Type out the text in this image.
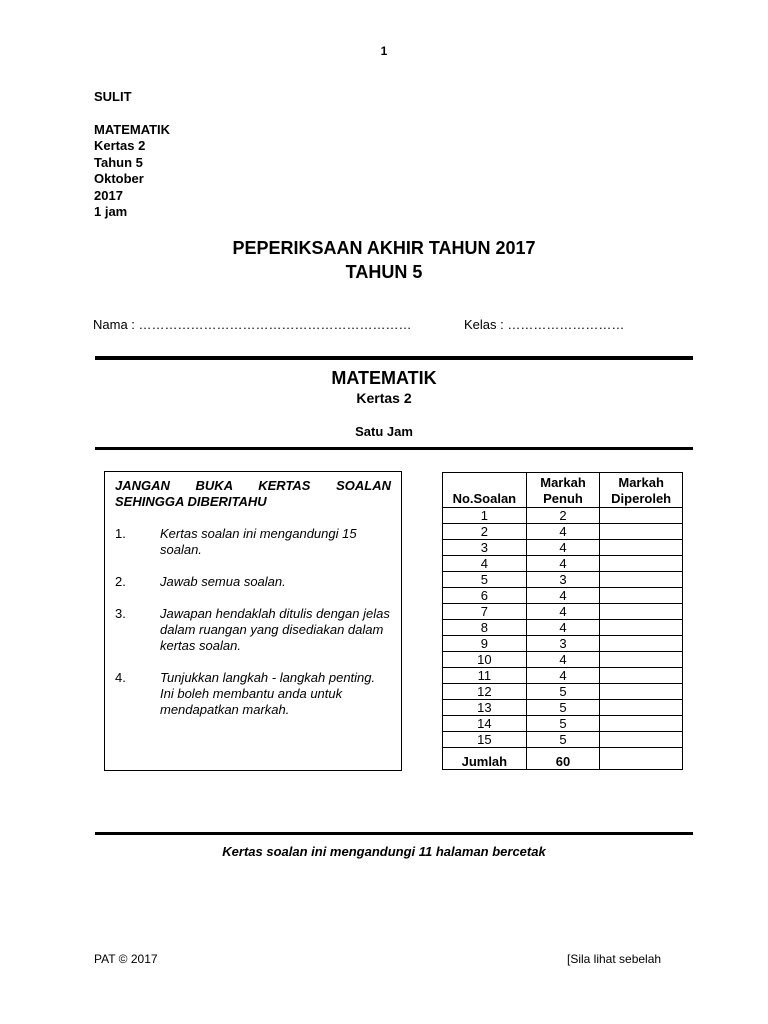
1
SULIT
MATEMATIK
Kertas 2
Tahun 5
Oktober
2017
1 jam
PEPERIKSAAN AKHIR TAHUN 2017
TAHUN 5
Nama : ………………………………………………………	Kelas : ………………………
MATEMATIK
Kertas 2
Satu Jam
JANGAN BUKA KERTAS SOALAN
SEHINGGA DIBERITAHU
1.	Kertas soalan ini mengandungi 15 soalan.
2.	Jawab semua soalan.
3.	Jawapan hendaklah ditulis dengan jelas dalam ruangan yang disediakan dalam kertas soalan.
4.	Tunjukkan langkah - langkah penting. Ini boleh membantu anda untuk mendapatkan markah.
No.Soalan	Markah Penuh	Markah Diperoleh
1	2	
2	4	
3	4	
4	4	
5	3	
6	4	
7	4	
8	4	
9	3	
10	4	
11	4	
12	5	
13	5	
14	5	
15	5	
Jumlah	60	
Kertas soalan ini mengandungi 11 halaman bercetak
PAT © 2017	[Sila lihat sebelah
